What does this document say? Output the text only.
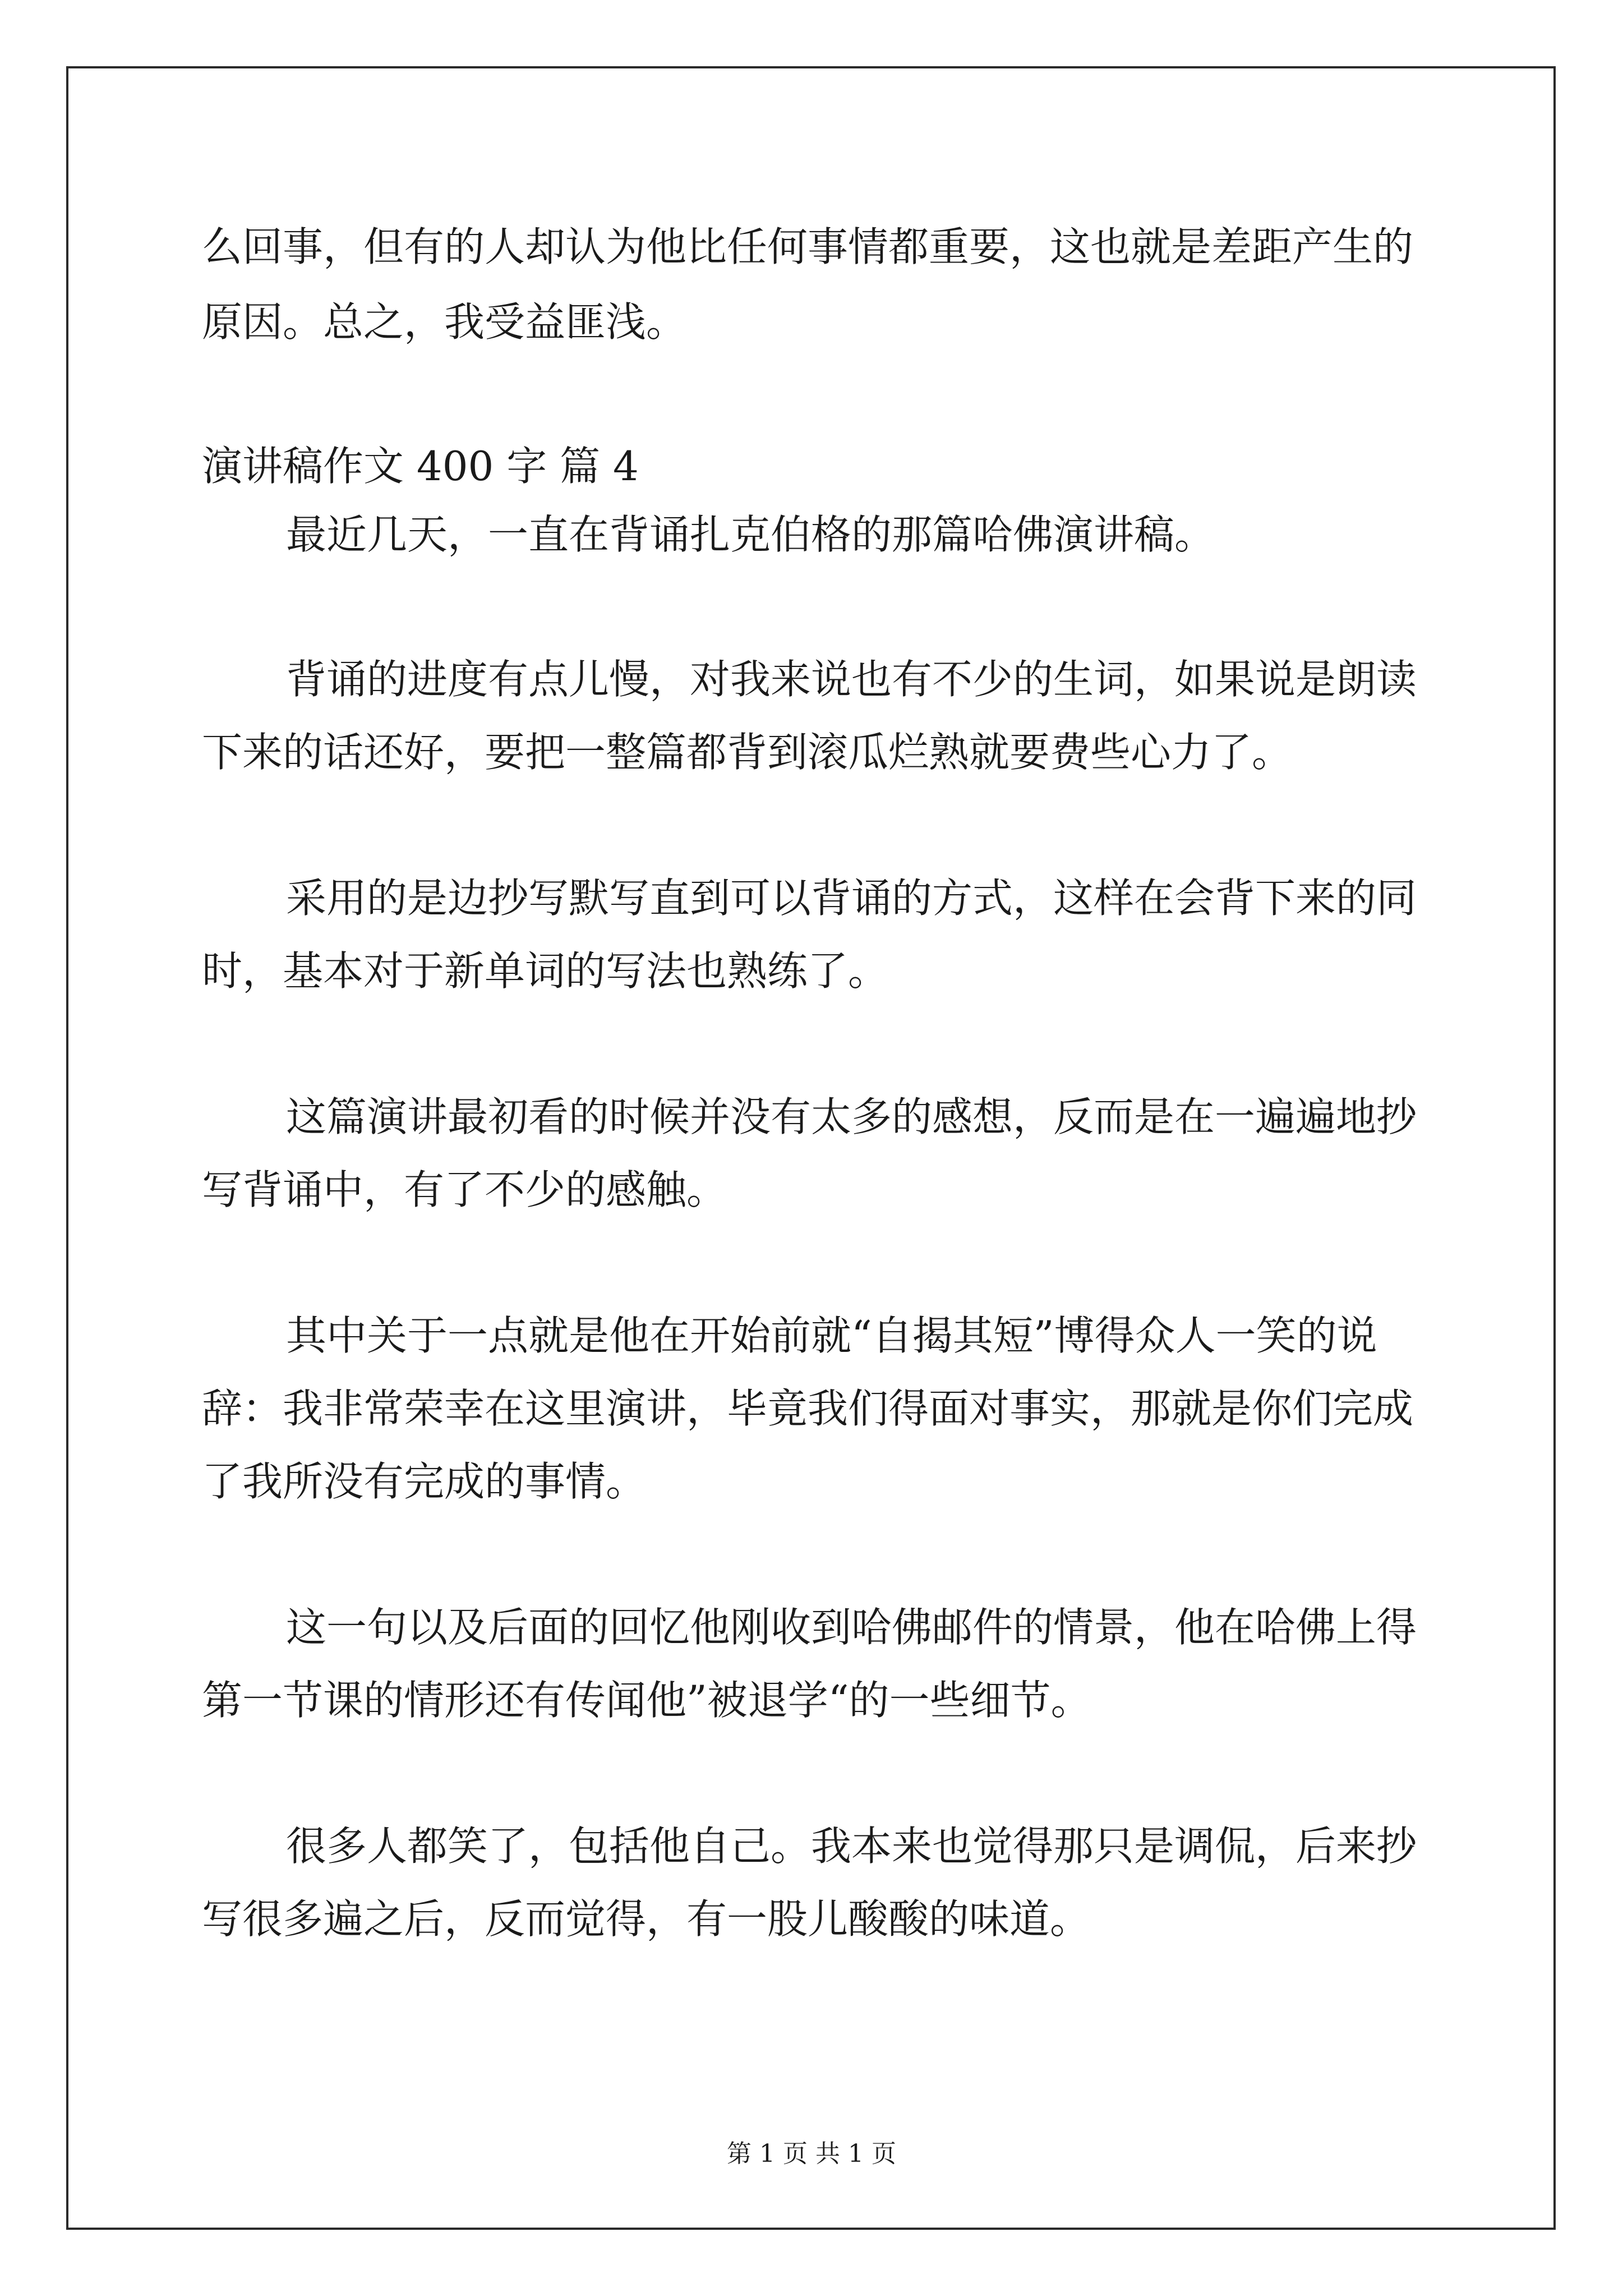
么回事，但有的人却认为他比任何事情都重要，这也就是差距产生的
原因。总之，我受益匪浅。
演讲稿作文 400 字 篇 4
最近几天，一直在背诵扎克伯格的那篇哈佛演讲稿。
背诵的进度有点儿慢，对我来说也有不少的生词，如果说是朗读
下来的话还好，要把一整篇都背到滚瓜烂熟就要费些心力了。
采用的是边抄写默写直到可以背诵的方式，这样在会背下来的同
时，基本对于新单词的写法也熟练了。
这篇演讲最初看的时候并没有太多的感想，反而是在一遍遍地抄
写背诵中，有了不少的感触。
其中关于一点就是他在开始前就“自揭其短”博得众人一笑的说
辞：我非常荣幸在这里演讲，毕竟我们得面对事实，那就是你们完成
了我所没有完成的事情。
这一句以及后面的回忆他刚收到哈佛邮件的情景，他在哈佛上得
第一节课的情形还有传闻他”被退学“的一些细节。
很多人都笑了，包括他自己。我本来也觉得那只是调侃，后来抄
写很多遍之后，反而觉得，有一股儿酸酸的味道。
第 1 页 共 1 页
